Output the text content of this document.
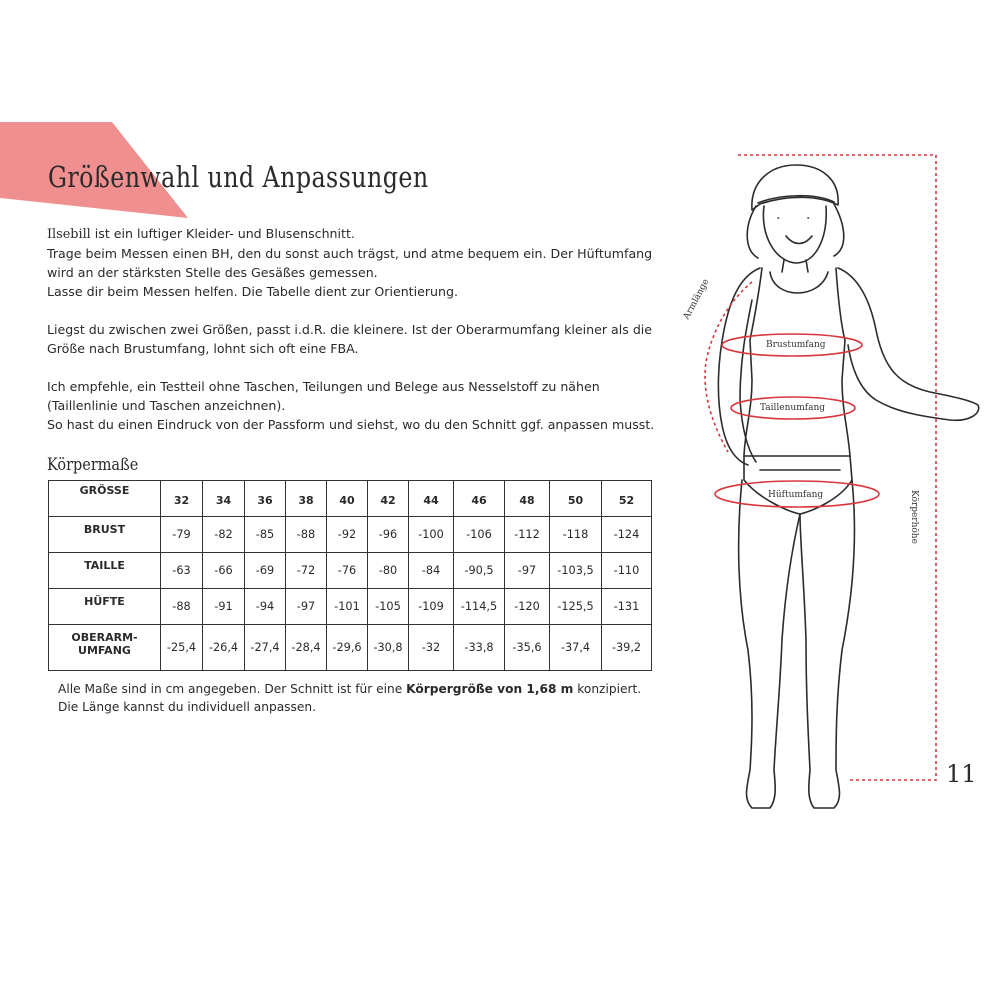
Größenwahl und Anpassungen

Ilsebill ist ein luftiger Kleider- und Blusenschnitt.
Trage beim Messen einen BH, den du sonst auch trägst, und atme bequem ein. Der Hüftumfang
wird an der stärksten Stelle des Gesäßes gemessen.
Lasse dir beim Messen helfen. Die Tabelle dient zur Orientierung.

Liegst du zwischen zwei Größen, passt i.d.R. die kleinere. Ist der Oberarmumfang kleiner als die
Größe nach Brustumfang, lohnt sich oft eine FBA.

Ich empfehle, ein Testteil ohne Taschen, Teilungen und Belege aus Nesselstoff zu nähen
(Taillenlinie und Taschen anzeichnen).
So hast du einen Eindruck von der Passform und siehst, wo du den Schnitt ggf. anpassen musst.

Körpermaße
GRÖSSE	32	34	36	38	40	42	44	46	48	50	52
BRUST	-79	-82	-85	-88	-92	-96	-100	-106	-112	-118	-124
TAILLE	-63	-66	-69	-72	-76	-80	-84	-90,5	-97	-103,5	-110
HÜFTE	-88	-91	-94	-97	-101	-105	-109	-114,5	-120	-125,5	-131
OBERARM-
UMFANG	-25,4	-26,4	-27,4	-28,4	-29,6	-30,8	-32	-33,8	-35,6	-37,4	-39,2
Alle Maße sind in cm angegeben. Der Schnitt ist für eine Körpergröße von 1,68 m konzipiert.
Die Länge kannst du individuell anpassen.
Armlänge
Brustumfang
Taillenumfang
Hüftumfang	Körperhöhe
11
